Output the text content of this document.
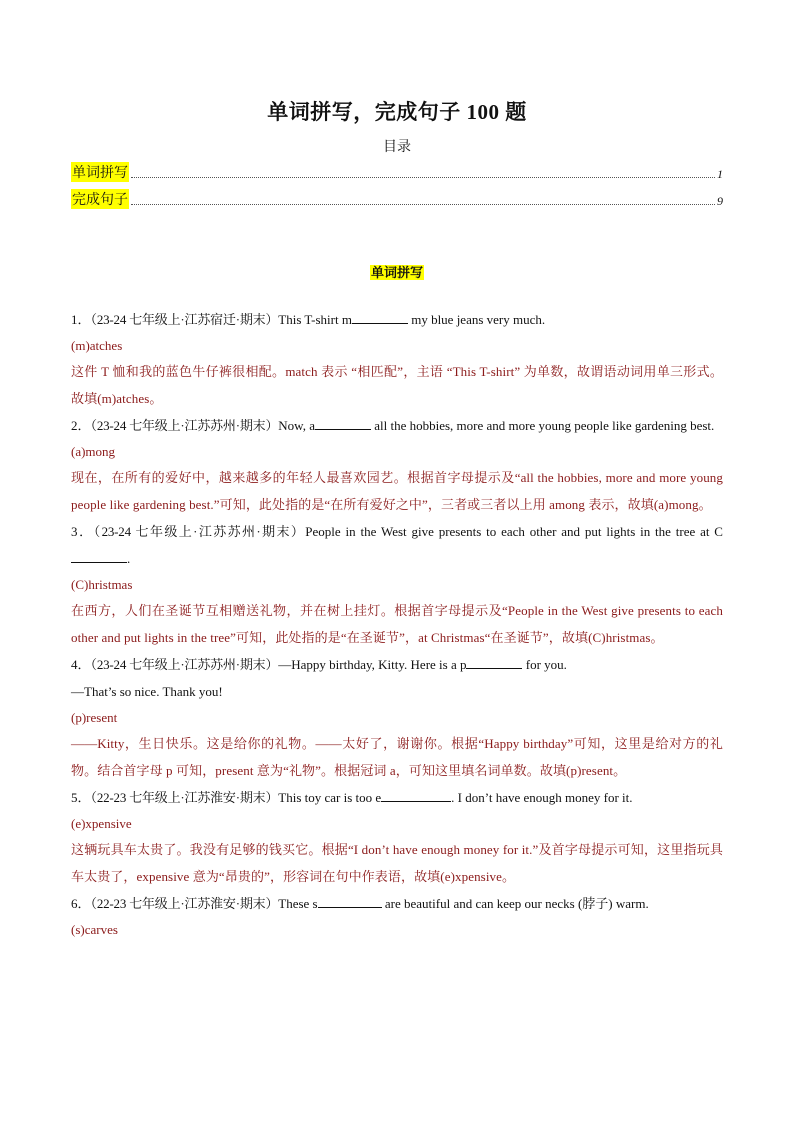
单词拼写，完成句子 100 题
目录
单词拼写	1
完成句子	9
单词拼写

1．（23-24 七年级上·江苏宿迁·期末）This T-shirt m	my blue jeans very much.

(m)atches

这件 T 恤和我的蓝色牛仔裤很相配。match 表示 “相匹配”，主语 “This T-shirt” 为单数，故谓语动词用单三形式。故填(m)atches。

2．（23-24 七年级上·江苏苏州·期末）Now, a	all the hobbies, more and more young people like gardening best.

(a)mong

现在，在所有的爱好中，越来越多的年轻人最喜欢园艺。根据首字母提示及“all the hobbies, more and more young people like gardening best.”可知，此处指的是“在所有爱好之中”，三者或三者以上用 among 表示，故填(a)mong。

3．（23-24 七年级上·江苏苏州·期末）People in the West give presents to each other and put lights in the tree at C.

(C)hristmas

在西方，人们在圣诞节互相赠送礼物，并在树上挂灯。根据首字母提示及“People in the West give presents to each other and put lights in the tree”可知，此处指的是“在圣诞节”，at Christmas“在圣诞节”，故填(C)hristmas。

4．（23-24 七年级上·江苏苏州·期末）—Happy birthday, Kitty. Here is a p	for you.

—That’s so nice. Thank you!

(p)resent

——Kitty，生日快乐。这是给你的礼物。——太好了，谢谢你。根据“Happy birthday”可知，这里是给对方的礼物。结合首字母 p 可知，present 意为“礼物”。根据冠词 a，可知这里填名词单数。故填(p)resent。

5．（22-23 七年级上·江苏淮安·期末）This toy car is too e	. I don’t have enough money for it.

(e)xpensive

这辆玩具车太贵了。我没有足够的钱买它。根据“I don’t have enough money for it.”及首字母提示可知，这里指玩具车太贵了，expensive 意为“昂贵的”，形容词在句中作表语，故填(e)xpensive。

6．（22-23 七年级上·江苏淮安·期末）These s	are beautiful and can keep our necks (脖子) warm.

(s)carves
